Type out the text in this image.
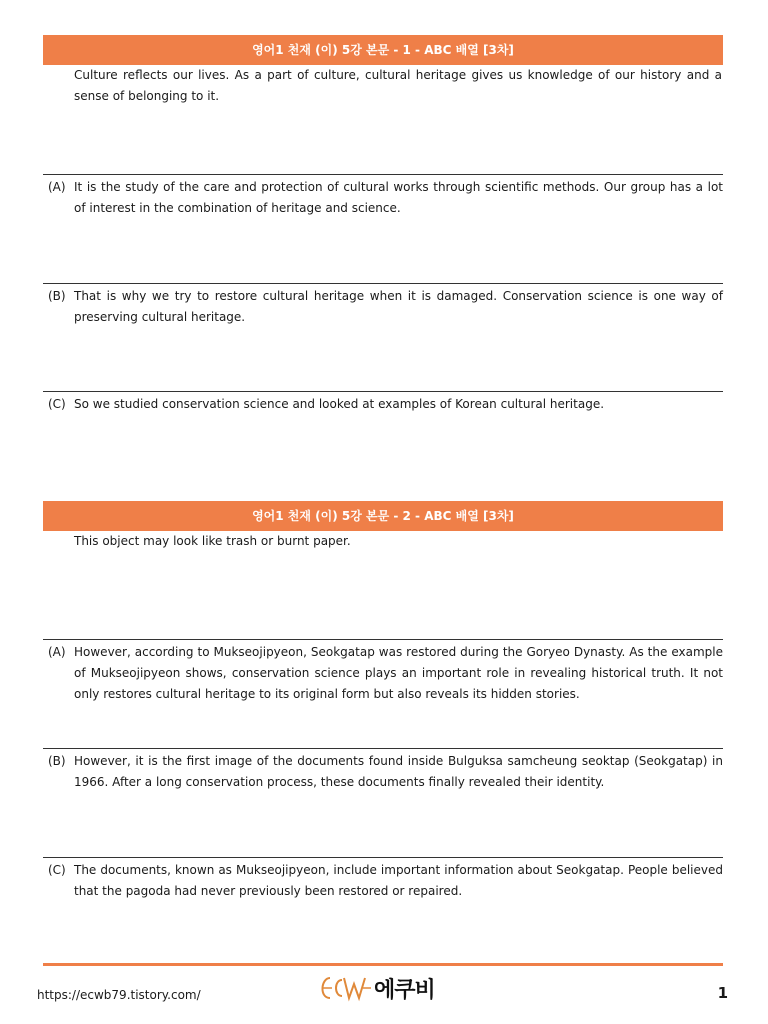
영어1 천재 (이) 5강 본문 - 1 - ABC 배열 [3차]
Culture reflects our lives. As a part of culture, cultural heritage gives us knowledge of our history and a sense of belonging to it.
(A) It is the study of the care and protection of cultural works through scientific methods. Our group has a lot of interest in the combination of heritage and science.
(B) That is why we try to restore cultural heritage when it is damaged. Conservation science is one way of preserving cultural heritage.
(C) So we studied conservation science and looked at examples of Korean cultural heritage.
영어1 천재 (이) 5강 본문 - 2 - ABC 배열 [3차]
This object may look like trash or burnt paper.
(A) However, according to Mukseojipyeon, Seokgatap was restored during the Goryeo Dynasty. As the example of Mukseojipyeon shows, conservation science plays an important role in revealing historical truth. It not only restores cultural heritage to its original form but also reveals its hidden stories.
(B) However, it is the first image of the documents found inside Bulguksa samcheung seoktap (Seokgatap) in 1966. After a long conservation process, these documents finally revealed their identity.
(C) The documents, known as Mukseojipyeon, include important information about Seokgatap. People believed that the pagoda had never previously been restored or repaired.
https://ecwb79.tistory.com/	에쿠비	1
